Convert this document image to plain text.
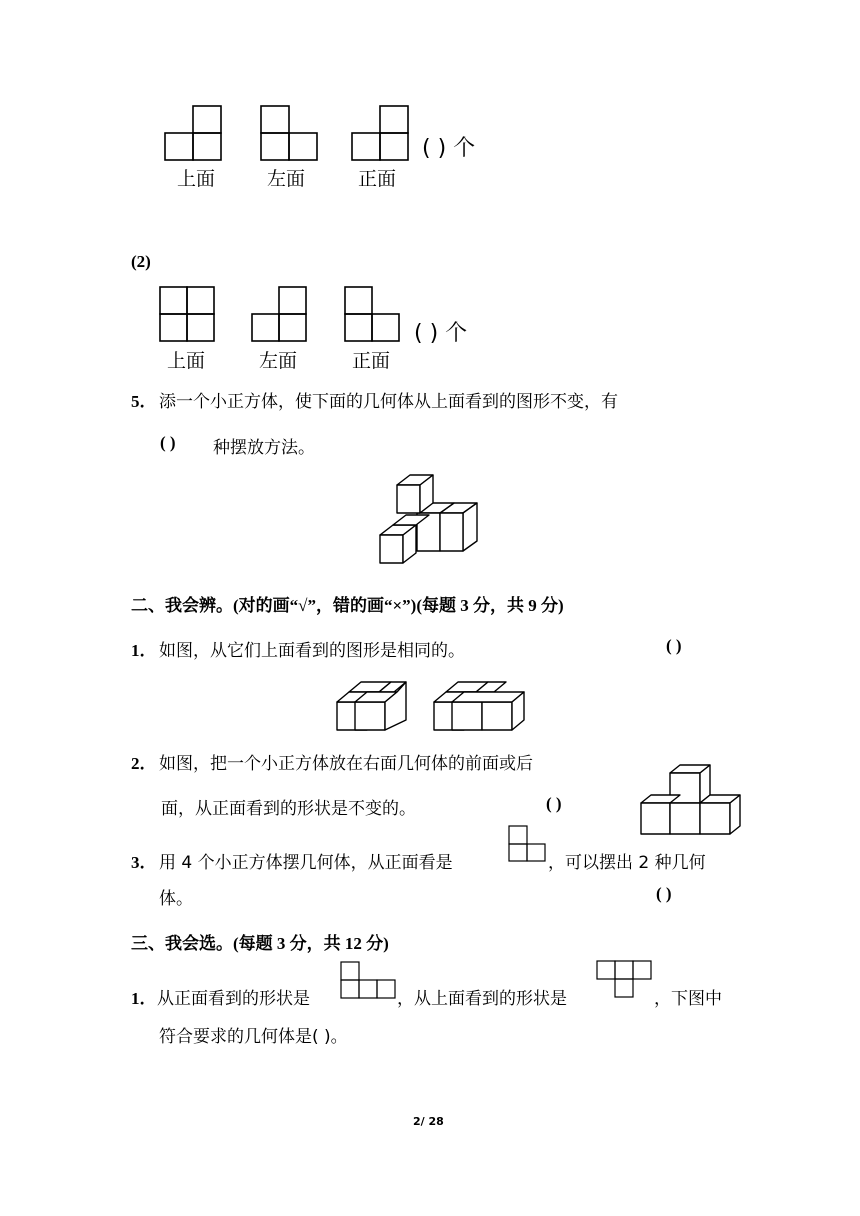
上面	左面	正面
( ) 个
(2)
上面	左面	正面
( ) 个
5． 添一个小正方体，使下面的几何体从上面看到的图形不变，有
( ) 种摆放方法。
二、我会辨。(对的画“√”，错的画“×”)(每题 3 分，共 9 分)
1． 如图，从它们上面看到的图形是相同的。	( )
2． 如图，把一个小正方体放在右面几何体的前面或后
面，从正面看到的形状是不变的。	( )
3． 用 4 个小正方体摆几何体，从正面看是	，可以摆出 2 种几何
体。	( )
三、我会选。(每题 3 分，共 12 分)
1． 从正面看到的形状是	，从上面看到的形状是	，下图中
符合要求的几何体是( )。
2/ 28
